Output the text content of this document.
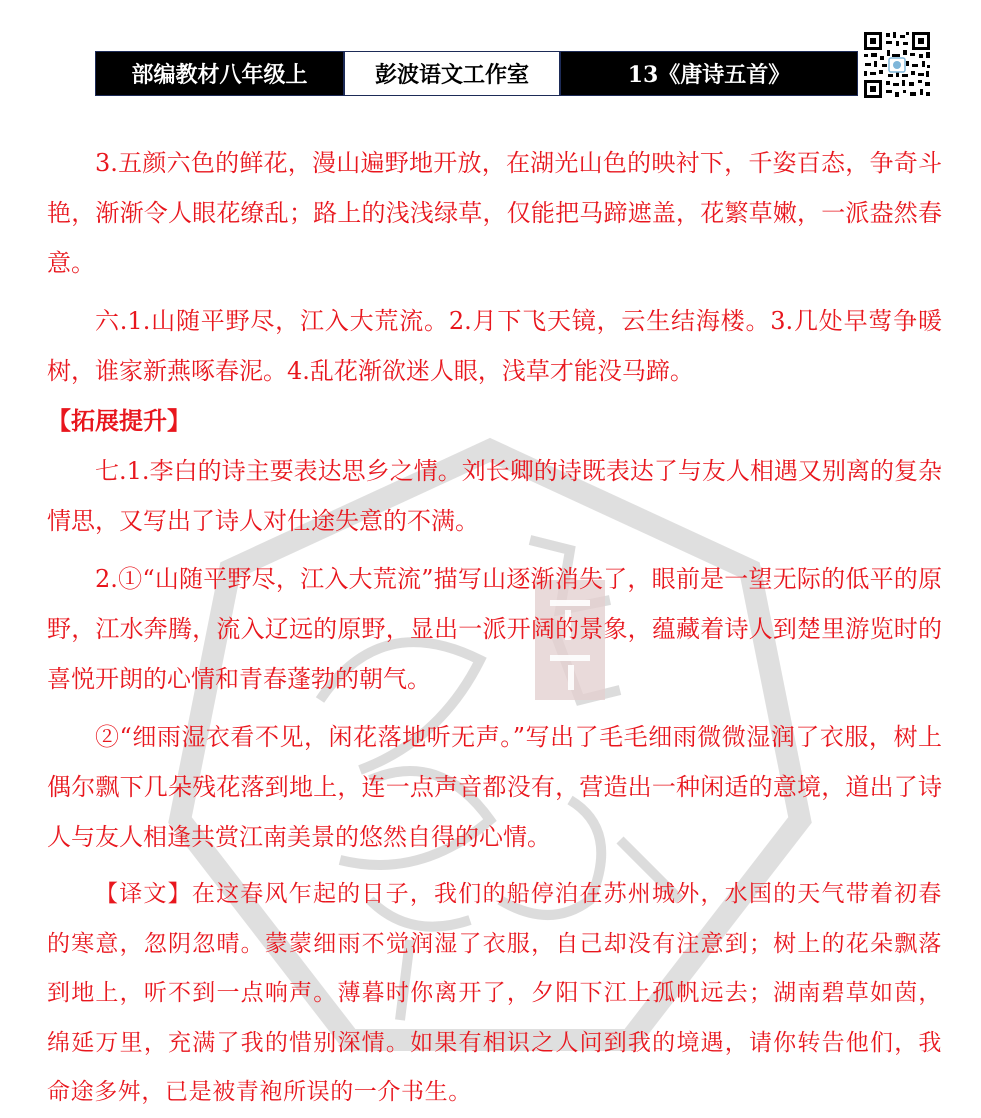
部编教材八年级上	彭波语文工作室	13《唐诗五首》

3.五颜六色的鲜花，漫山遍野地开放，在湖光山色的映衬下，千姿百态，争奇斗艳，渐渐令人眼花缭乱；路上的浅浅绿草，仅能把马蹄遮盖，花繁草嫩，一派盎然春意。

六.1.山随平野尽，江入大荒流。2.月下飞天镜，云生结海楼。3.几处早莺争暖树，谁家新燕啄春泥。4.乱花渐欲迷人眼，浅草才能没马蹄。

【拓展提升】

七.1.李白的诗主要表达思乡之情。刘长卿的诗既表达了与友人相遇又别离的复杂情思，又写出了诗人对仕途失意的不满。

2.①“山随平野尽，江入大荒流”描写山逐渐消失了，眼前是一望无际的低平的原野，江水奔腾，流入辽远的原野，显出一派开阔的景象，蕴藏着诗人到楚里游览时的喜悦开朗的心情和青春蓬勃的朝气。

②“细雨湿衣看不见，闲花落地听无声。”写出了毛毛细雨微微湿润了衣服，树上偶尔飘下几朵残花落到地上，连一点声音都没有，营造出一种闲适的意境，道出了诗人与友人相逢共赏江南美景的悠然自得的心情。

【译文】在这春风乍起的日子，我们的船停泊在苏州城外，水国的天气带着初春的寒意，忽阴忽晴。蒙蒙细雨不觉润湿了衣服，自己却没有注意到；树上的花朵飘落到地上，听不到一点响声。薄暮时你离开了，夕阳下江上孤帆远去；湖南碧草如茵，绵延万里，充满了我的惜别深情。如果有相识之人问到我的境遇，请你转告他们，我命途多舛，已是被青袍所误的一介书生。
